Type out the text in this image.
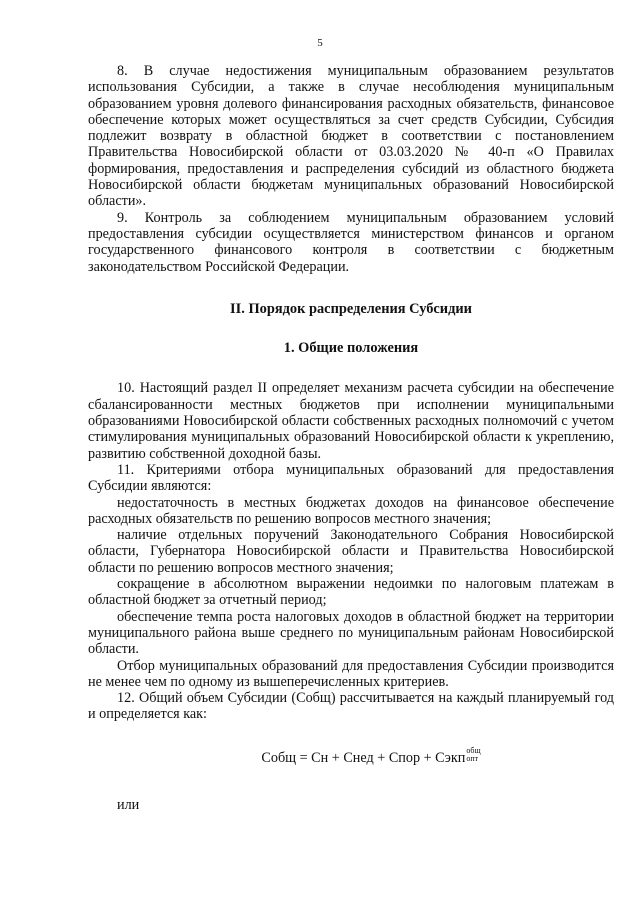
5

8. В случае недостижения муниципальным образованием результатов использования Субсидии, а также в случае несоблюдения муниципальным образованием уровня долевого финансирования расходных обязательств, финансовое обеспечение которых может осуществляться за счет средств Субсидии, Субсидия подлежит возврату в областной бюджет в соответствии с постановлением Правительства Новосибирской области от 03.03.2020 № 40-п «О Правилах формирования, предоставления и распределения субсидий из областного бюджета Новосибирской области бюджетам муниципальных образований Новосибирской области».

9. Контроль за соблюдением муниципальным образованием условий предоставления субсидии осуществляется министерством финансов и органом государственного финансового контроля в соответствии с бюджетным законодательством Российской Федерации.

II. Порядок распределения Субсидии
1. Общие положения

10. Настоящий раздел II определяет механизм расчета субсидии на обеспечение сбалансированности местных бюджетов при исполнении муниципальными образованиями Новосибирской области собственных расходных полномочий с учетом стимулирования муниципальных образований Новосибирской области к укреплению, развитию собственной доходной базы.

11. Критериями отбора муниципальных образований для предоставления Субсидии являются:

недостаточность в местных бюджетах доходов на финансовое обеспечение расходных обязательств по решению вопросов местного значения;

наличие отдельных поручений Законодательного Собрания Новосибирской области, Губернатора Новосибирской области и Правительства Новосибирской области по решению вопросов местного значения;

сокращение в абсолютном выражении недоимки по налоговым платежам в областной бюджет за отчетный период;

обеспечение темпа роста налоговых доходов в областной бюджет на территории муниципального района выше среднего по муниципальным районам Новосибирской области.

Отбор муниципальных образований для предоставления Субсидии производится не менее чем по одному из вышеперечисленных критериев.

12. Общий объем Субсидии (Собщ) рассчитывается на каждый планируемый год и определяется как:

Собщ = Сн + Снед + Спор + Сэкп общ
опт

или
